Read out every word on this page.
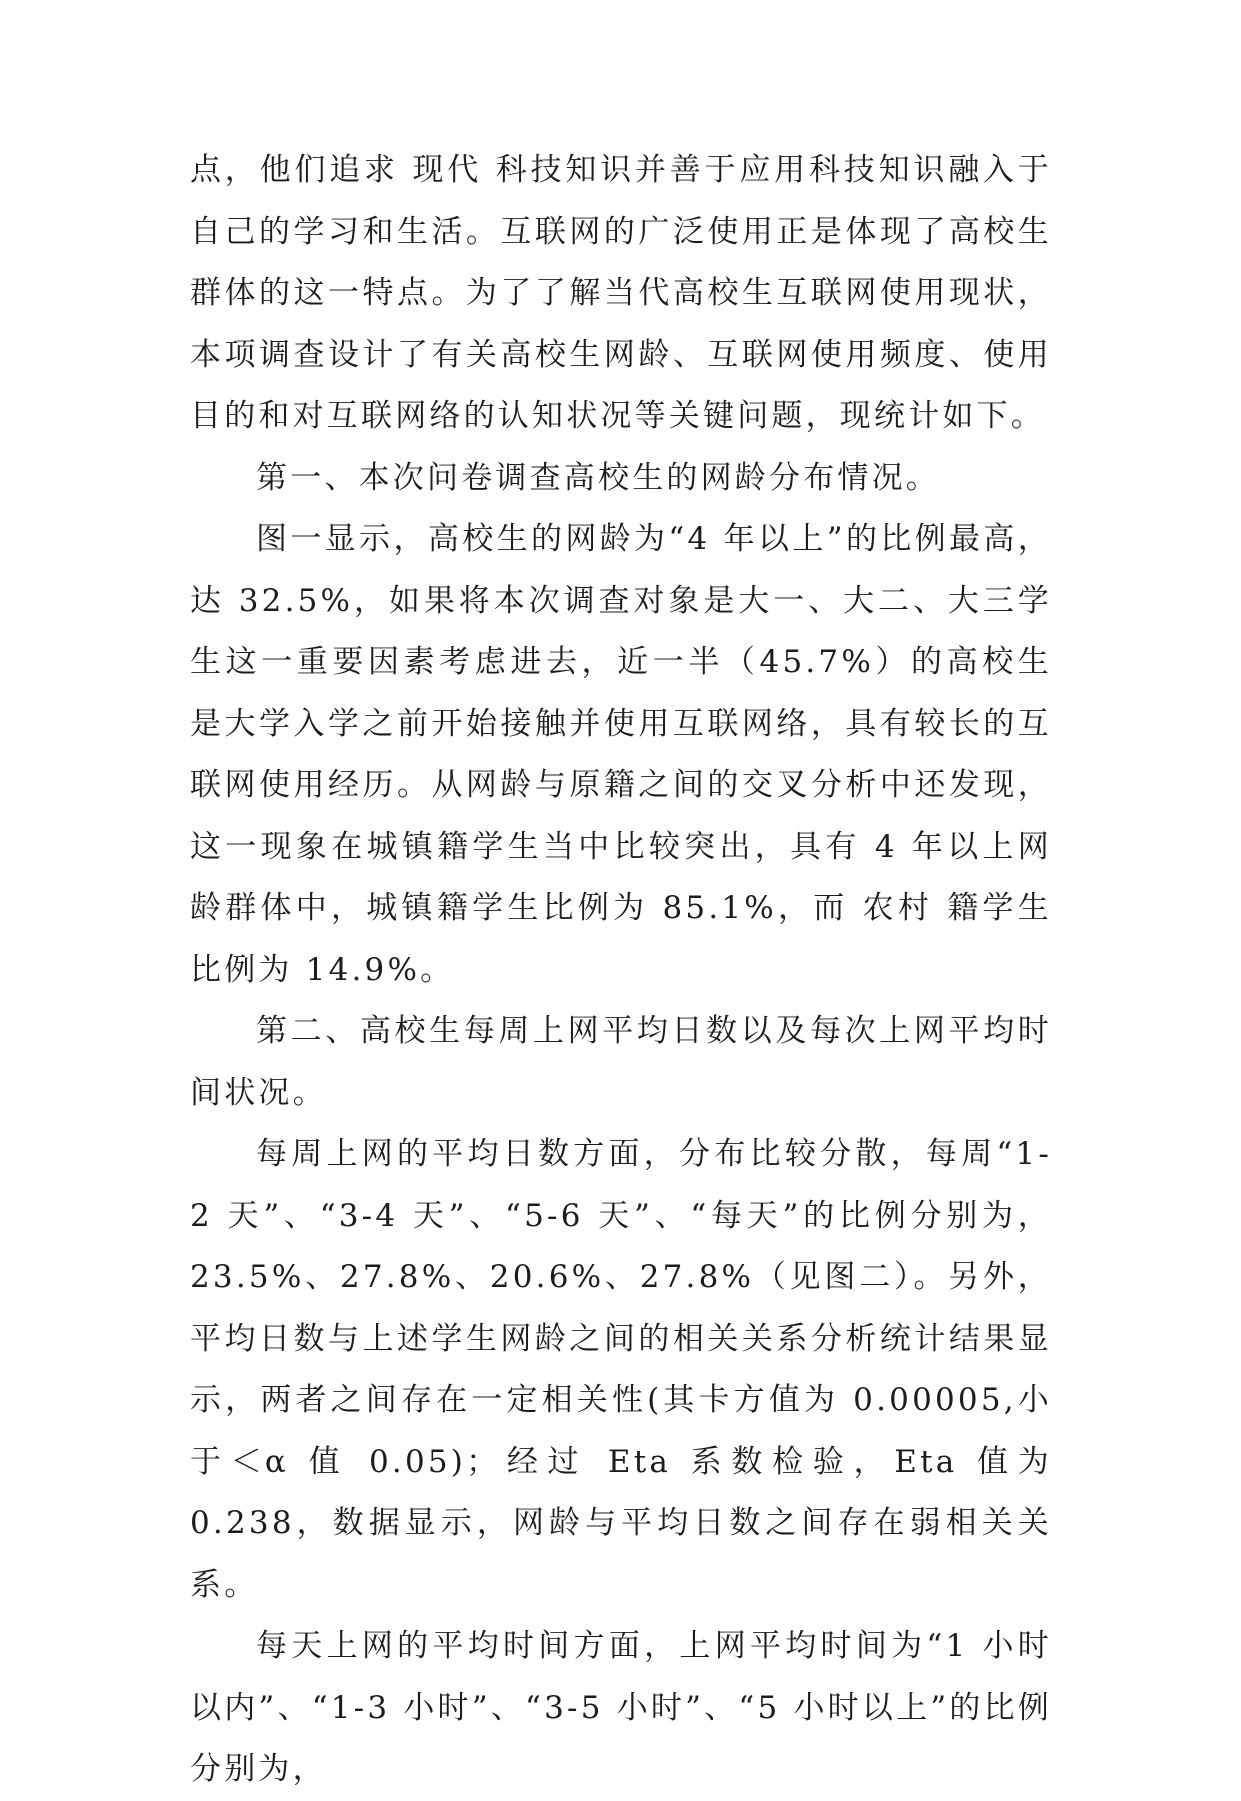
点，他们追求 现代 科技知识并善于应用科技知识融入于自己的学习和生活。互联网的广泛使用正是体现了高校生群体的这一特点。为了了解当代高校生互联网使用现状，本项调查设计了有关高校生网龄、互联网使用频度、使用目的和对互联网络的认知状况等关键问题，现统计如下。

第一、本次问卷调查高校生的网龄分布情况。

图一显示，高校生的网龄为“4 年以上”的比例最高，达 32.5%，如果将本次调查对象是大一、大二、大三学生这一重要因素考虑进去，近一半（45.7%）的高校生是大学入学之前开始接触并使用互联网络，具有较长的互联网使用经历。从网龄与原籍之间的交叉分析中还发现，这一现象在城镇籍学生当中比较突出，具有 4 年以上网龄群体中，城镇籍学生比例为 85.1%，而 农村 籍学生比例为 14.9%。

第二、高校生每周上网平均日数以及每次上网平均时间状况。

每周上网的平均日数方面，分布比较分散，每周“1-2 天”、“3-4 天”、“5-6 天”、“每天”的比例分别为，23.5%、27.8%、20.6%、27.8%（见图二）。另外，平均日数与上述学生网龄之间的相关关系分析统计结果显示，两者之间存在一定相关性(其卡方值为 0.00005,小于＜α 值 0.05)；经过 Eta 系数检验，Eta 值为 0.238，数据显示，网龄与平均日数之间存在弱相关关系。

每天上网的平均时间方面，上网平均时间为“1 小时以内”、“1-3 小时”、“3-5 小时”、“5 小时以上”的比例分别为，
